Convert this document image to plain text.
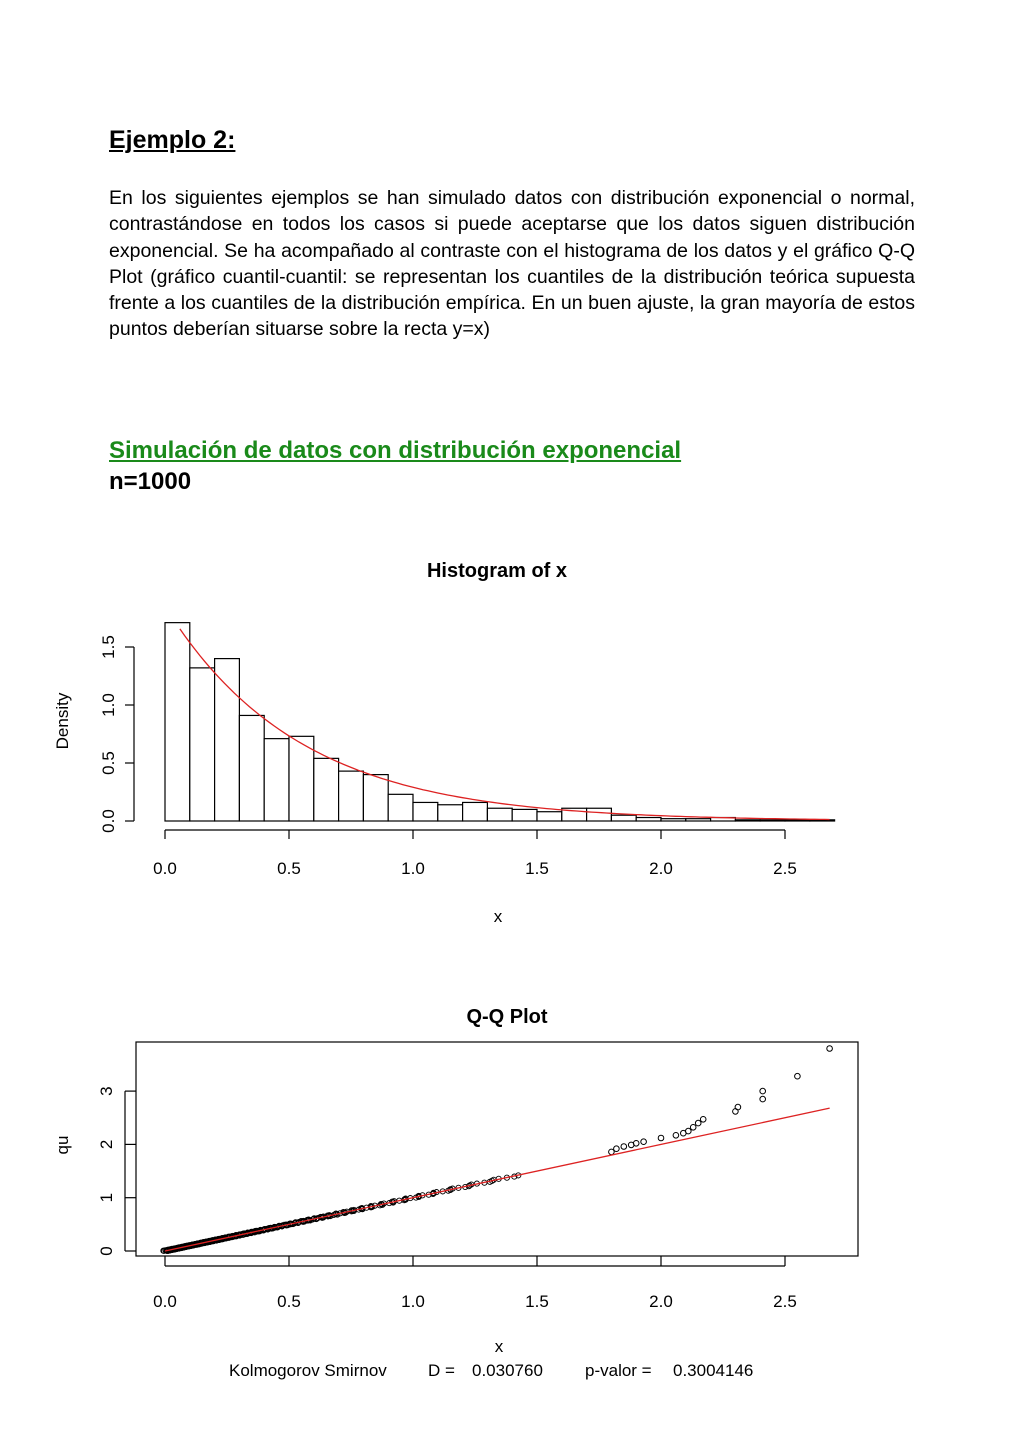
Ejemplo 2:

En los siguientes ejemplos se han simulado datos con distribución exponencial o normal, contrastándose en todos los casos si puede aceptarse que los datos siguen distribución exponencial. Se ha acompañado al contraste con el histograma de los datos y el gráfico Q-Q Plot (gráfico cuantil-cuantil: se representan los cuantiles de la distribución teórica supuesta frente a los cuantiles de la distribución empírica. En un buen ajuste, la gran mayoría de estos puntos deberían situarse sobre la recta y=x)

Simulación de datos con distribución exponencial
n=1000
Histogram of x
Density
x
0.0	0.5	1.0	1.5	2.0	2.5
0.0
0.5
1.0
1.5
Q-Q Plot
qu
x
0.0	0.5	1.0	1.5	2.0	2.5
0
1
2
3
Kolmogorov Smirnov D = 0.030760 p-valor = 0.3004146
